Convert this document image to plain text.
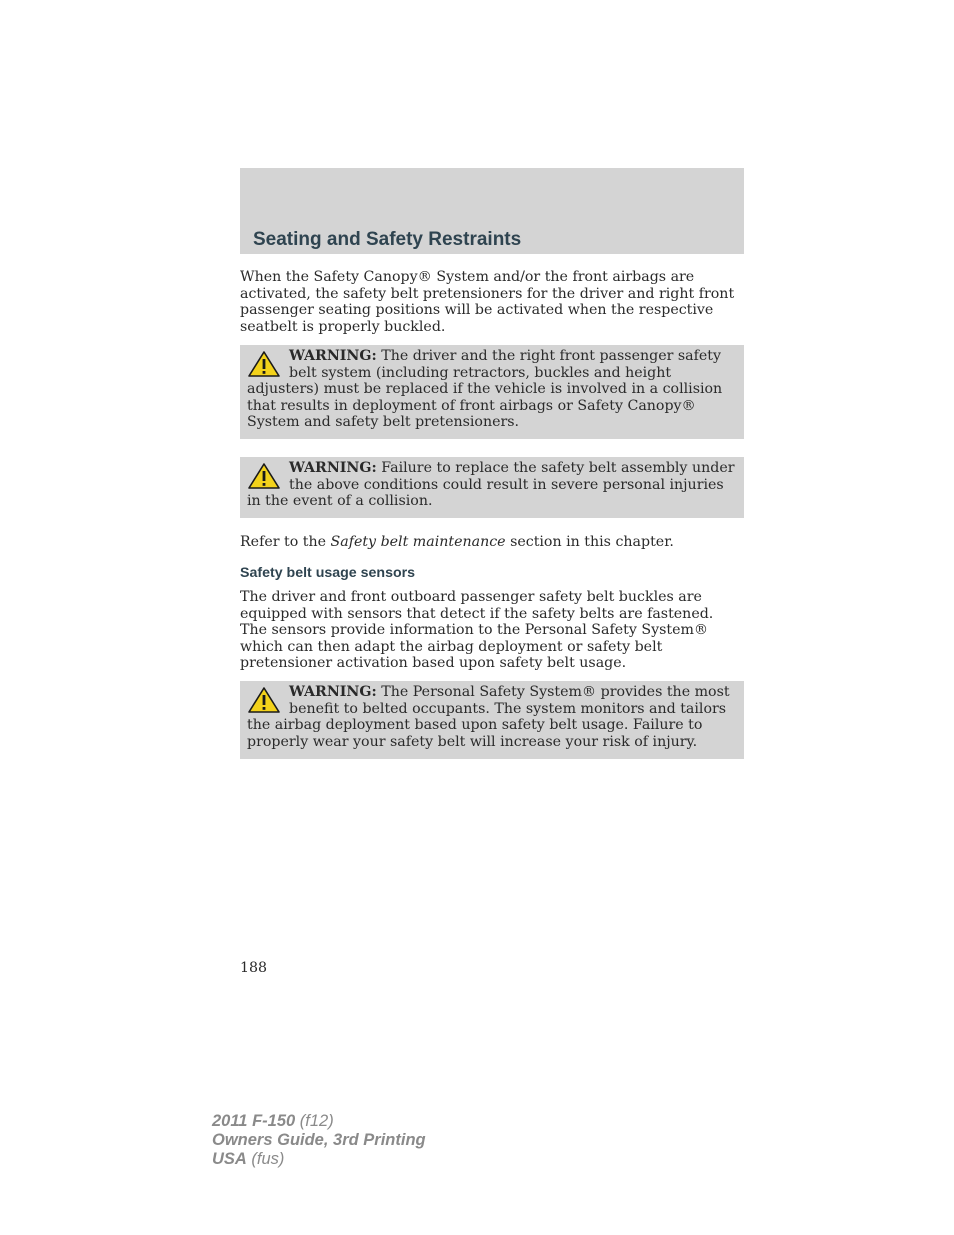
Seating and Safety Restraints

When the Safety Canopy® System and/or the front airbags are activated, the safety belt pretensioners for the driver and right front passenger seating positions will be activated when the respective seatbelt is properly buckled.

WARNING: The driver and the right front passenger safety belt system (including retractors, buckles and height adjusters) must be replaced if the vehicle is involved in a collision that results in deployment of front airbags or Safety Canopy® System and safety belt pretensioners.

WARNING: Failure to replace the safety belt assembly under the above conditions could result in severe personal injuries in the event of a collision.

Refer to the Safety belt maintenance section in this chapter.

Safety belt usage sensors

The driver and front outboard passenger safety belt buckles are equipped with sensors that detect if the safety belts are fastened. The sensors provide information to the Personal Safety System® which can then adapt the airbag deployment or safety belt pretensioner activation based upon safety belt usage.

WARNING: The Personal Safety System® provides the most benefit to belted occupants. The system monitors and tailors the airbag deployment based upon safety belt usage. Failure to properly wear your safety belt will increase your risk of injury.

188
2011 F-150 (f12)
Owners Guide, 3rd Printing
USA (fus)
